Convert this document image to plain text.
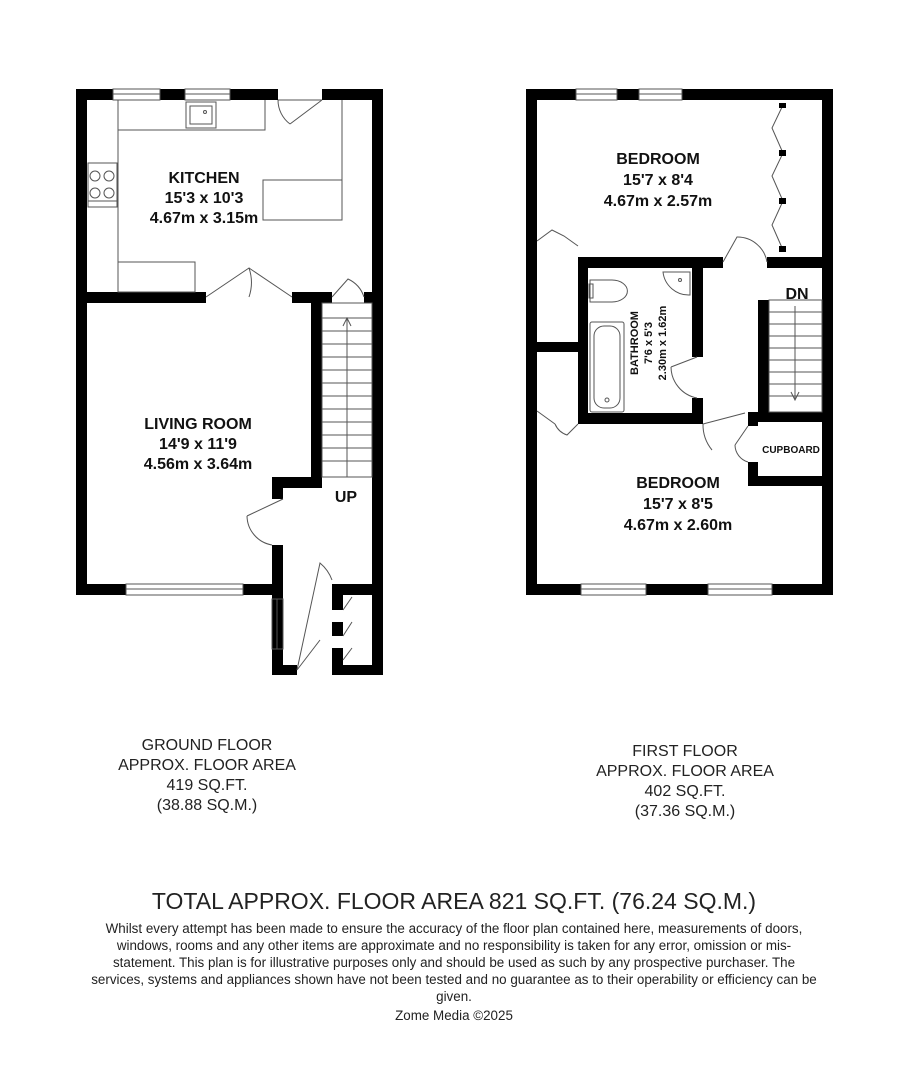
KITCHEN
15'3 x 10'3
4.67m x 3.15m
LIVING ROOM
14'9 x 11'9
4.56m x 3.64m
UP
BEDROOM
15'7 x 8'4
4.67m x 2.57m
BATHROOM 7'6 x 5'3 2.30m x 1.62m
DN
CUPBOARD
BEDROOM
15'7 x 8'5
4.67m x 2.60m
GROUND FLOOR
APPROX. FLOOR AREA
419 SQ.FT.
(38.88 SQ.M.)
FIRST FLOOR
APPROX. FLOOR AREA
402 SQ.FT.
(37.36 SQ.M.)
TOTAL APPROX. FLOOR AREA 821 SQ.FT. (76.24 SQ.M.)
Whilst every attempt has been made to ensure the accuracy of the floor plan contained here, measurements of doors, windows, rooms and any other items are approximate and no responsibility is taken for any error, omission or mis-statement. This plan is for illustrative purposes only and should be used as such by any prospective purchaser. The services, systems and appliances shown have not been tested and no guarantee as to their operability or efficiency can be given.
Zome Media ©2025
